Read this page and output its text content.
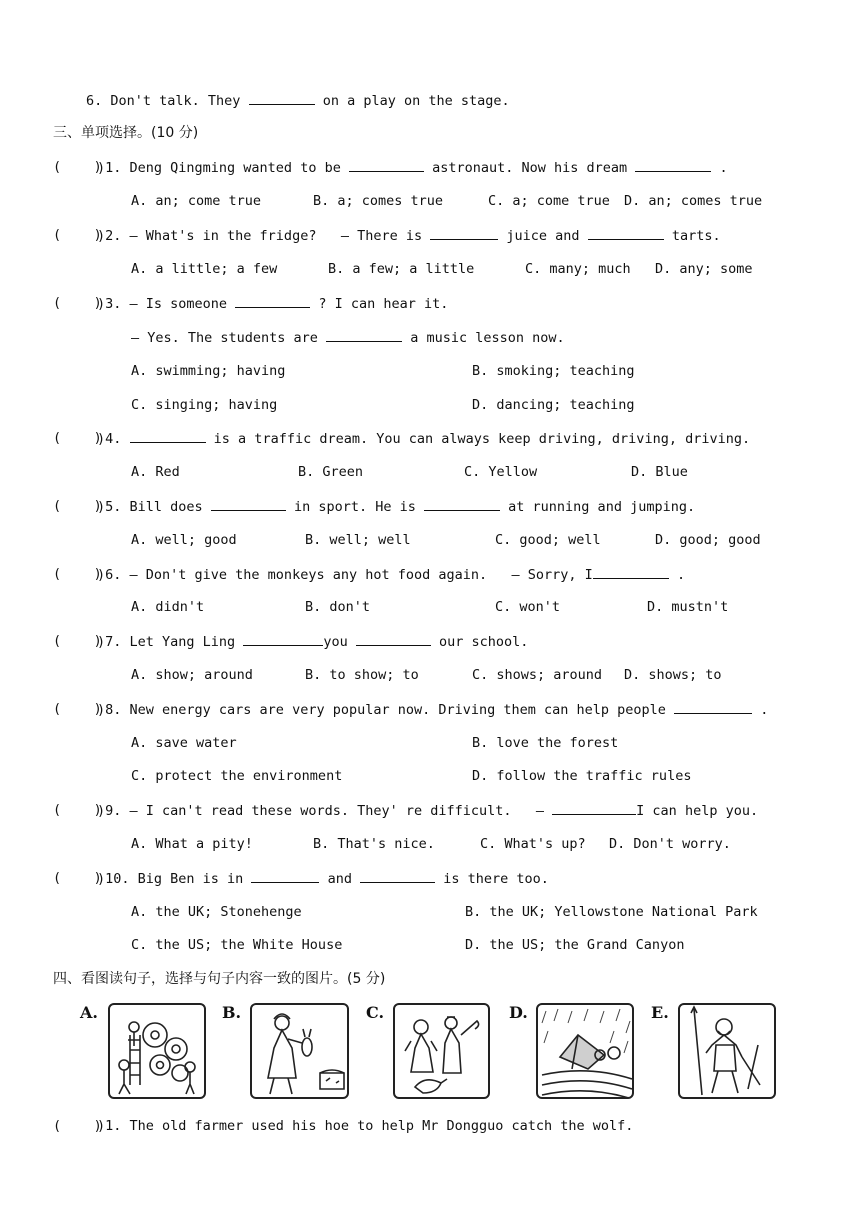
6. Don't talk. They	on a play on the stage.
三、单项选择。(10 分)
(    )
)1. Deng Qingming wanted to be	astronaut. Now his dream	.
A. an; come true	B. a; comes true	C. a; come true D. an; comes true
(    )
)2. — What's in the fridge?   — There is	juice and	tarts.
A. a little; a few	B. a few; a little	C. many; much D. any; some
(    )
)3. — Is someone	? I can hear it.
— Yes. The students are	a music lesson now.
A. swimming; having	B. smoking; teaching
C. singing; having	D. dancing; teaching
(    )
)4.	is a traffic dream. You can always keep driving, driving, driving.
A. Red	B. Green	C. Yellow	D. Blue
(    )
)5. Bill does	in sport. He is	at running and jumping.
A. well; good	B. well; well	C. good; well	D. good; good
(    )
)6. — Don't give the monkeys any hot food again.   — Sorry, I	.
A. didn't	B. don't	C. won't	D. mustn't
(    )
)7. Let Yang Ling	you	our school.
A. show; around	B. to show; to	C. shows; around D. shows; to
(    )
)8. New energy cars are very popular now. Driving them can help people	.
A. save water	B. love the forest
C. protect the environment	D. follow the traffic rules
(    )
)9. — I can't read these words. They' re difficult.   —	I can help you.
A. What a pity!	B. That's nice.	C. What's up? D. Don't worry.
(    )
)10. Big Ben is in	and	is there too.
A. the UK; Stonehenge	B. the UK; Yellowstone National Park
C. the US; the White House	D. the US; the Grand Canyon
四、看图读句子，选择与句子内容一致的图片。(5 分)
A.	B.	C.	D.	E.
(    )
)1. The old farmer used his hoe to help Mr Dongguo catch the wolf.
